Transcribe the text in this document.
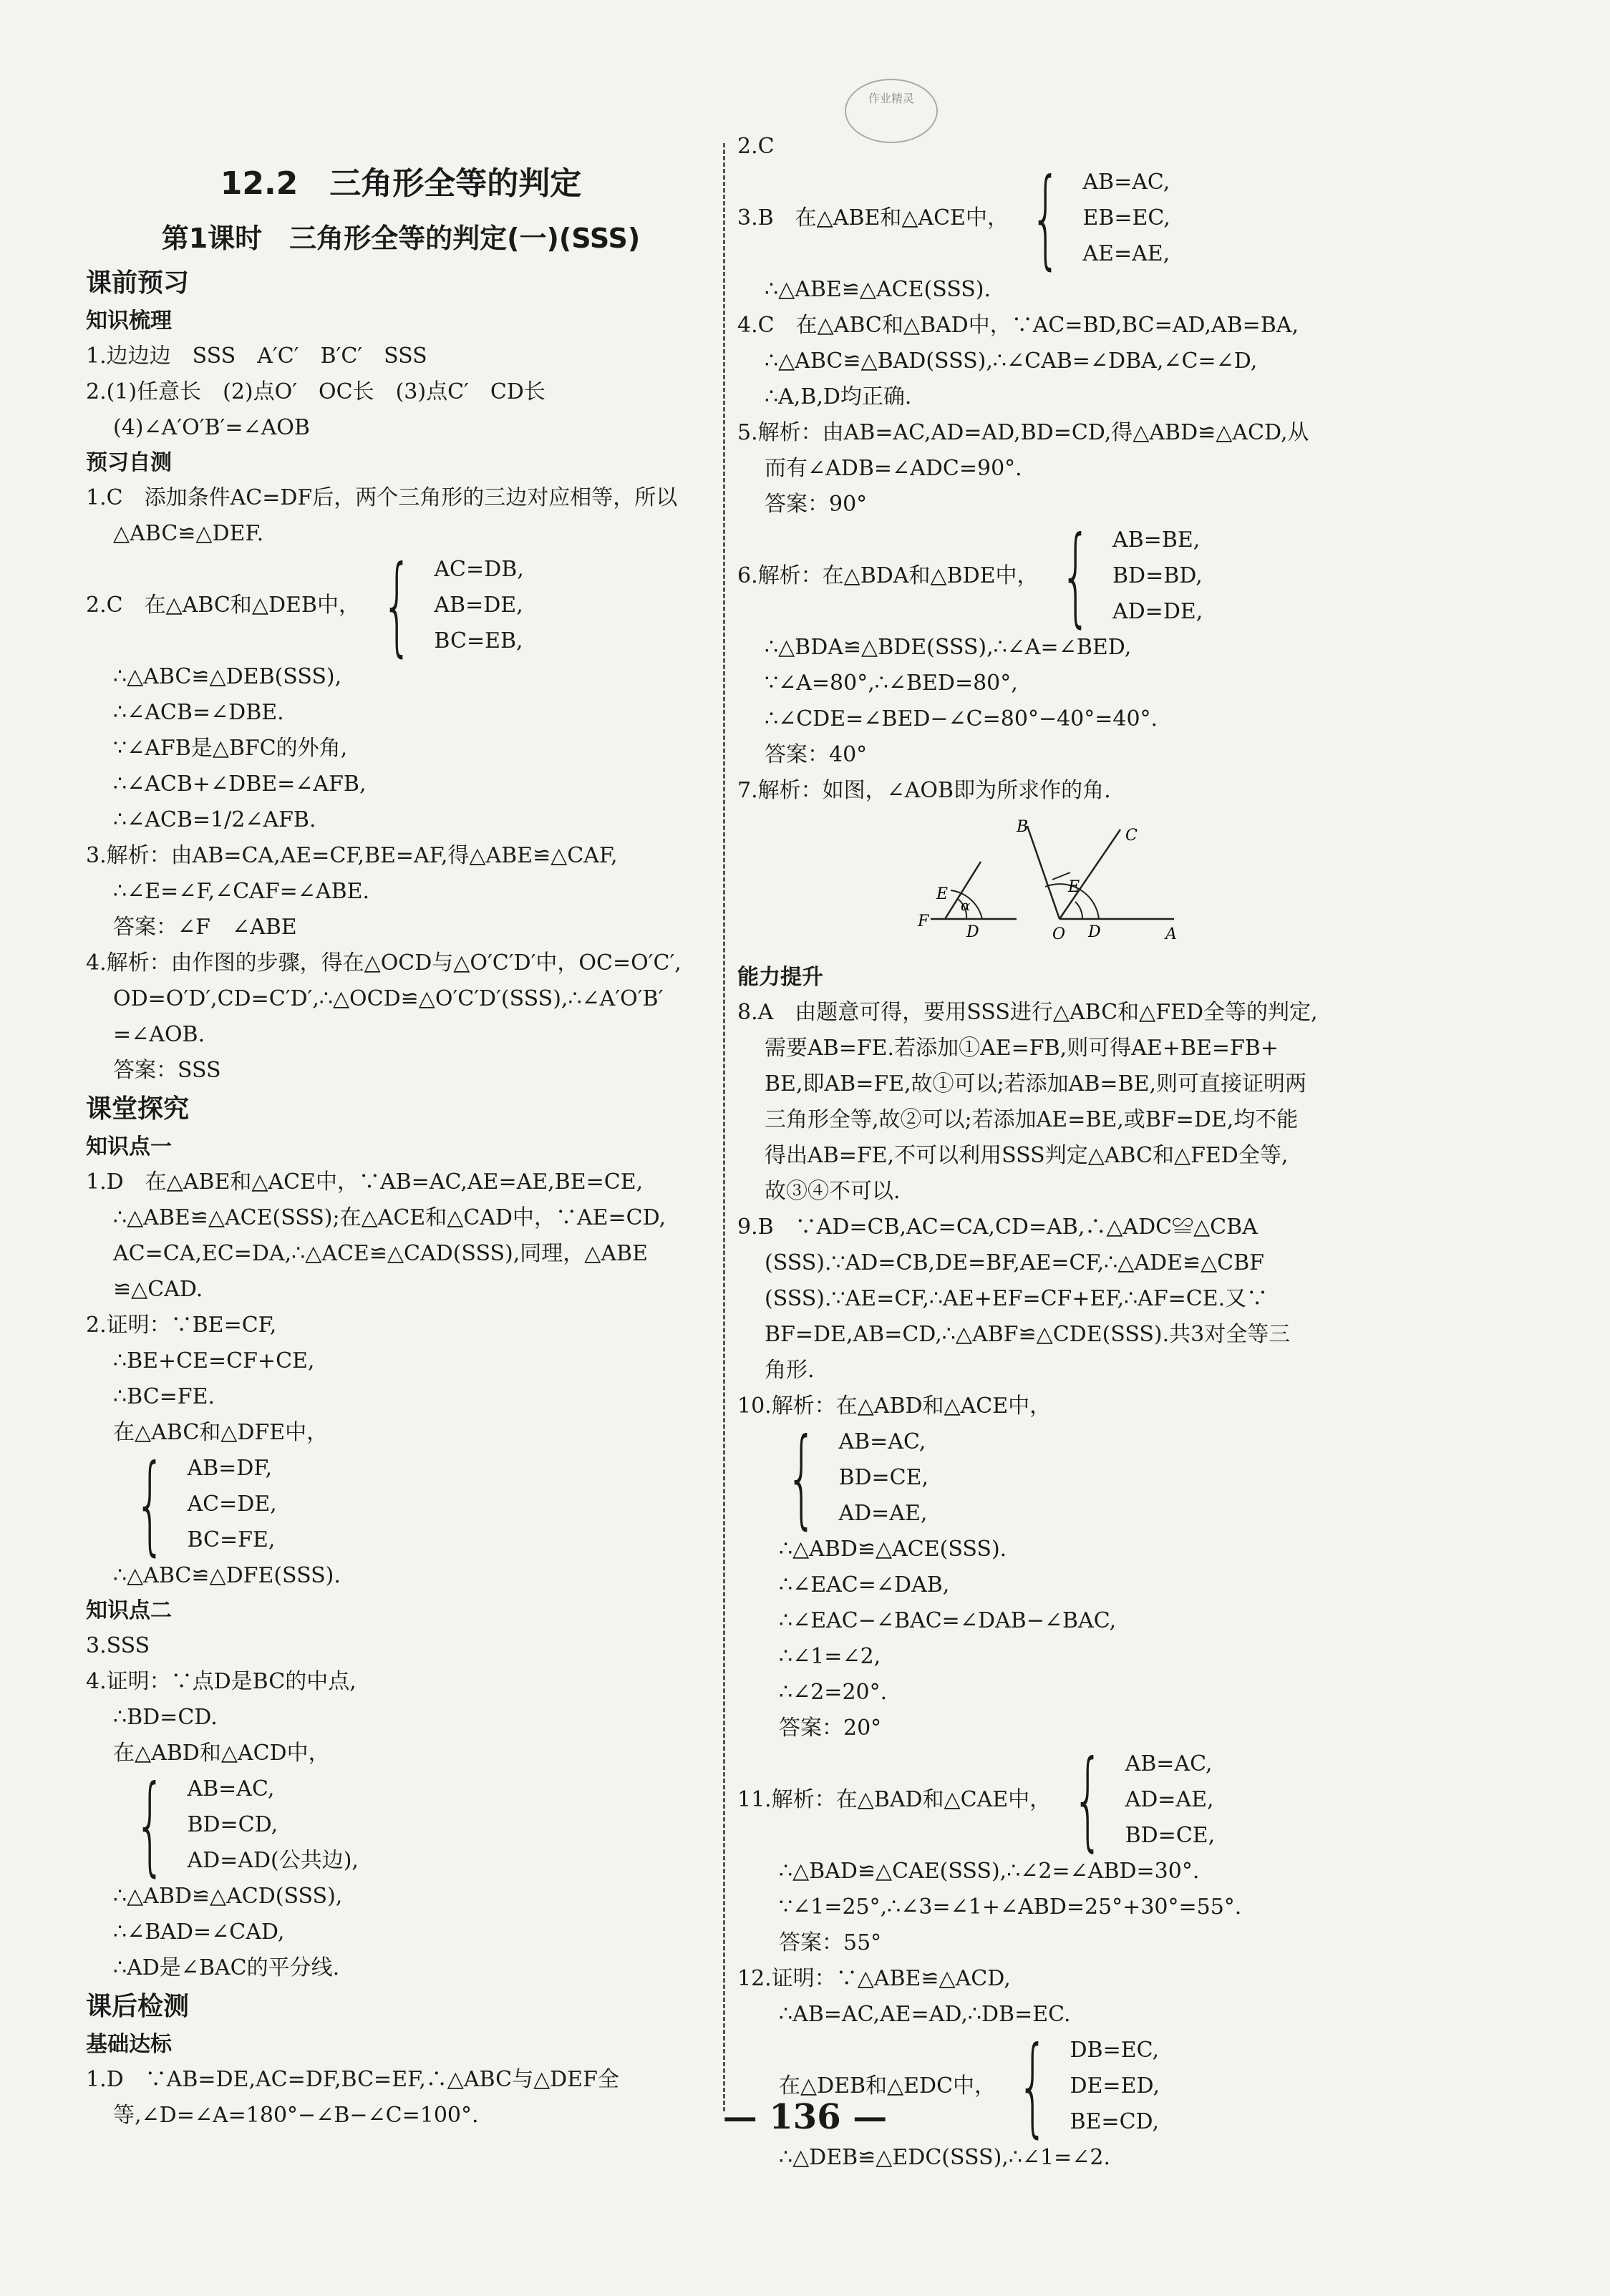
作业精灵
12.2　三角形全等的判定
第1课时　三角形全等的判定(一)(SSS)
课前预习
知识梳理
1.边边边　SSS　A′C′　B′C′　SSS
2.(1)任意长　(2)点O′　OC长　(3)点C′　CD长
(4)∠A′O′B′=∠AOB
预习自测
1.C　添加条件AC=DF后，两个三角形的三边对应相等，所以
△ABC≌△DEF.
2.C　在△ABC和△DEB中， { AC=DB,
AB=DE,
BC=EB,
∴△ABC≌△DEB(SSS),
∴∠ACB=∠DBE.
∵∠AFB是△BFC的外角,
∴∠ACB+∠DBE=∠AFB,
∴∠ACB=1/2∠AFB.
3.解析：由AB=CA,AE=CF,BE=AF,得△ABE≌△CAF,
∴∠E=∠F,∠CAF=∠ABE.
答案：∠F　∠ABE
4.解析：由作图的步骤，得在△OCD与△O′C′D′中，OC=O′C′,
OD=O′D′,CD=C′D′,∴△OCD≌△O′C′D′(SSS),∴∠A′O′B′
=∠AOB.
答案：SSS
课堂探究
知识点一
1.D　在△ABE和△ACE中，∵AB=AC,AE=AE,BE=CE,
∴△ABE≌△ACE(SSS);在△ACE和△CAD中，∵AE=CD,
AC=CA,EC=DA,∴△ACE≌△CAD(SSS),同理，△ABE
≌△CAD.
2.证明：∵BE=CF,
∴BE+CE=CF+CE,
∴BC=FE.
在△ABC和△DFE中，
{ AB=DF,
AC=DE,
BC=FE,
∴△ABC≌△DFE(SSS).
知识点二
3.SSS
4.证明：∵点D是BC的中点,
∴BD=CD.
在△ABD和△ACD中，
{ AB=AC,
BD=CD,
AD=AD(公共边),
∴△ABD≌△ACD(SSS),
∴∠BAD=∠CAD,
∴AD是∠BAC的平分线.
课后检测
基础达标
1.D　∵AB=DE,AC=DF,BC=EF,∴△ABC与△DEF全
等,∠D=∠A=180°−∠B−∠C=100°.
2.C
3.B　在△ABE和△ACE中， { AB=AC,
EB=EC,
AE=AE,
∴△ABE≌△ACE(SSS).
4.C　在△ABC和△BAD中，∵AC=BD,BC=AD,AB=BA,
∴△ABC≌△BAD(SSS),∴∠CAB=∠DBA,∠C=∠D,
∴A,B,D均正确.
5.解析：由AB=AC,AD=AD,BD=CD,得△ABD≌△ACD,从
而有∠ADB=∠ADC=90°.
答案：90°
6.解析：在△BDA和△BDE中， { AB=BE,
BD=BD,
AD=DE,
∴△BDA≌△BDE(SSS),∴∠A=∠BED,
∵∠A=80°,∴∠BED=80°,
∴∠CDE=∠BED−∠C=80°−40°=40°.
答案：40°
7.解析：如图，∠AOB即为所求作的角.
E
F
D
α
B	C
E
O D	A
能力提升
8.A　由题意可得，要用SSS进行△ABC和△FED全等的判定,
需要AB=FE.若添加①AE=FB,则可得AE+BE=FB+
BE,即AB=FE,故①可以;若添加AB=BE,则可直接证明两
三角形全等,故②可以;若添加AE=BE,或BF=DE,均不能
得出AB=FE,不可以利用SSS判定△ABC和△FED全等,
故③④不可以.
9.B　∵AD=CB,AC=CA,CD=AB,∴△ADC≌△CBA
(SSS).∵AD=CB,DE=BF,AE=CF,∴△ADE≌△CBF
(SSS).∵AE=CF,∴AE+EF=CF+EF,∴AF=CE.又∵
BF=DE,AB=CD,∴△ABF≌△CDE(SSS).共3对全等三
角形.
10.解析：在△ABD和△ACE中，
{ AB=AC,
BD=CE,
AD=AE,
∴△ABD≌△ACE(SSS).
∴∠EAC=∠DAB,
∴∠EAC−∠BAC=∠DAB−∠BAC,
∴∠1=∠2,
∴∠2=20°.
答案：20°
11.解析：在△BAD和△CAE中， { AB=AC,
AD=AE,
BD=CE,
∴△BAD≌△CAE(SSS),∴∠2=∠ABD=30°.
∵∠1=25°,∴∠3=∠1+∠ABD=25°+30°=55°.
答案：55°
12.证明：∵△ABE≌△ACD,
∴AB=AC,AE=AD,∴DB=EC.
在△DEB和△EDC中， { DB=EC,
DE=ED,
BE=CD,
∴△DEB≌△EDC(SSS),∴∠1=∠2.
— 136 —
